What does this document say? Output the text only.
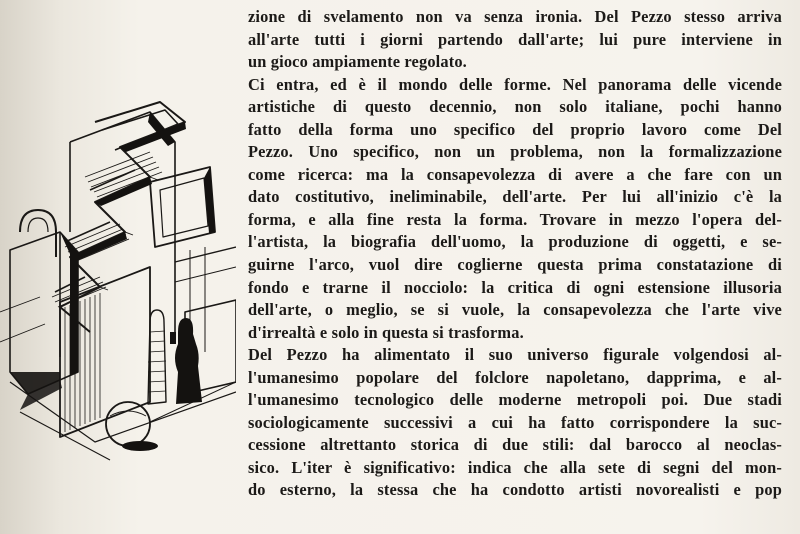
zione di svelamento non va senza ironia. Del Pezzo stesso arriva
all'arte tutti i giorni partendo dall'arte; lui pure interviene in
un gioco ampiamente regolato.
Ci entra, ed è il mondo delle forme. Nel panorama delle vicende
artistiche di questo decennio, non solo italiane, pochi hanno
fatto della forma uno specifico del proprio lavoro come Del
Pezzo. Uno specifico, non un problema, non la formalizzazione
come ricerca: ma la consapevolezza di avere a che fare con un
dato costitutivo, ineliminabile, dell'arte. Per lui all'inizio c'è la
forma, e alla fine resta la forma. Trovare in mezzo l'opera del-
l'artista, la biografia dell'uomo, la produzione di oggetti, e se-
guirne l'arco, vuol dire coglierne questa prima constatazione di
fondo e trarne il nocciolo: la critica di ogni estensione illusoria
dell'arte, o meglio, se si vuole, la consapevolezza che l'arte vive
d'irrealtà e solo in questa si trasforma.
Del Pezzo ha alimentato il suo universo figurale volgendosi al-
l'umanesimo popolare del folclore napoletano, dapprima, e al-
l'umanesimo tecnologico delle moderne metropoli poi. Due stadi
sociologicamente successivi a cui ha fatto corrispondere la suc-
cessione altrettanto storica di due stili: dal barocco al neoclas-
sico. L'iter è significativo: indica che alla sete di segni del mon-
do esterno, la stessa che ha condotto artisti novorealisti e pop
